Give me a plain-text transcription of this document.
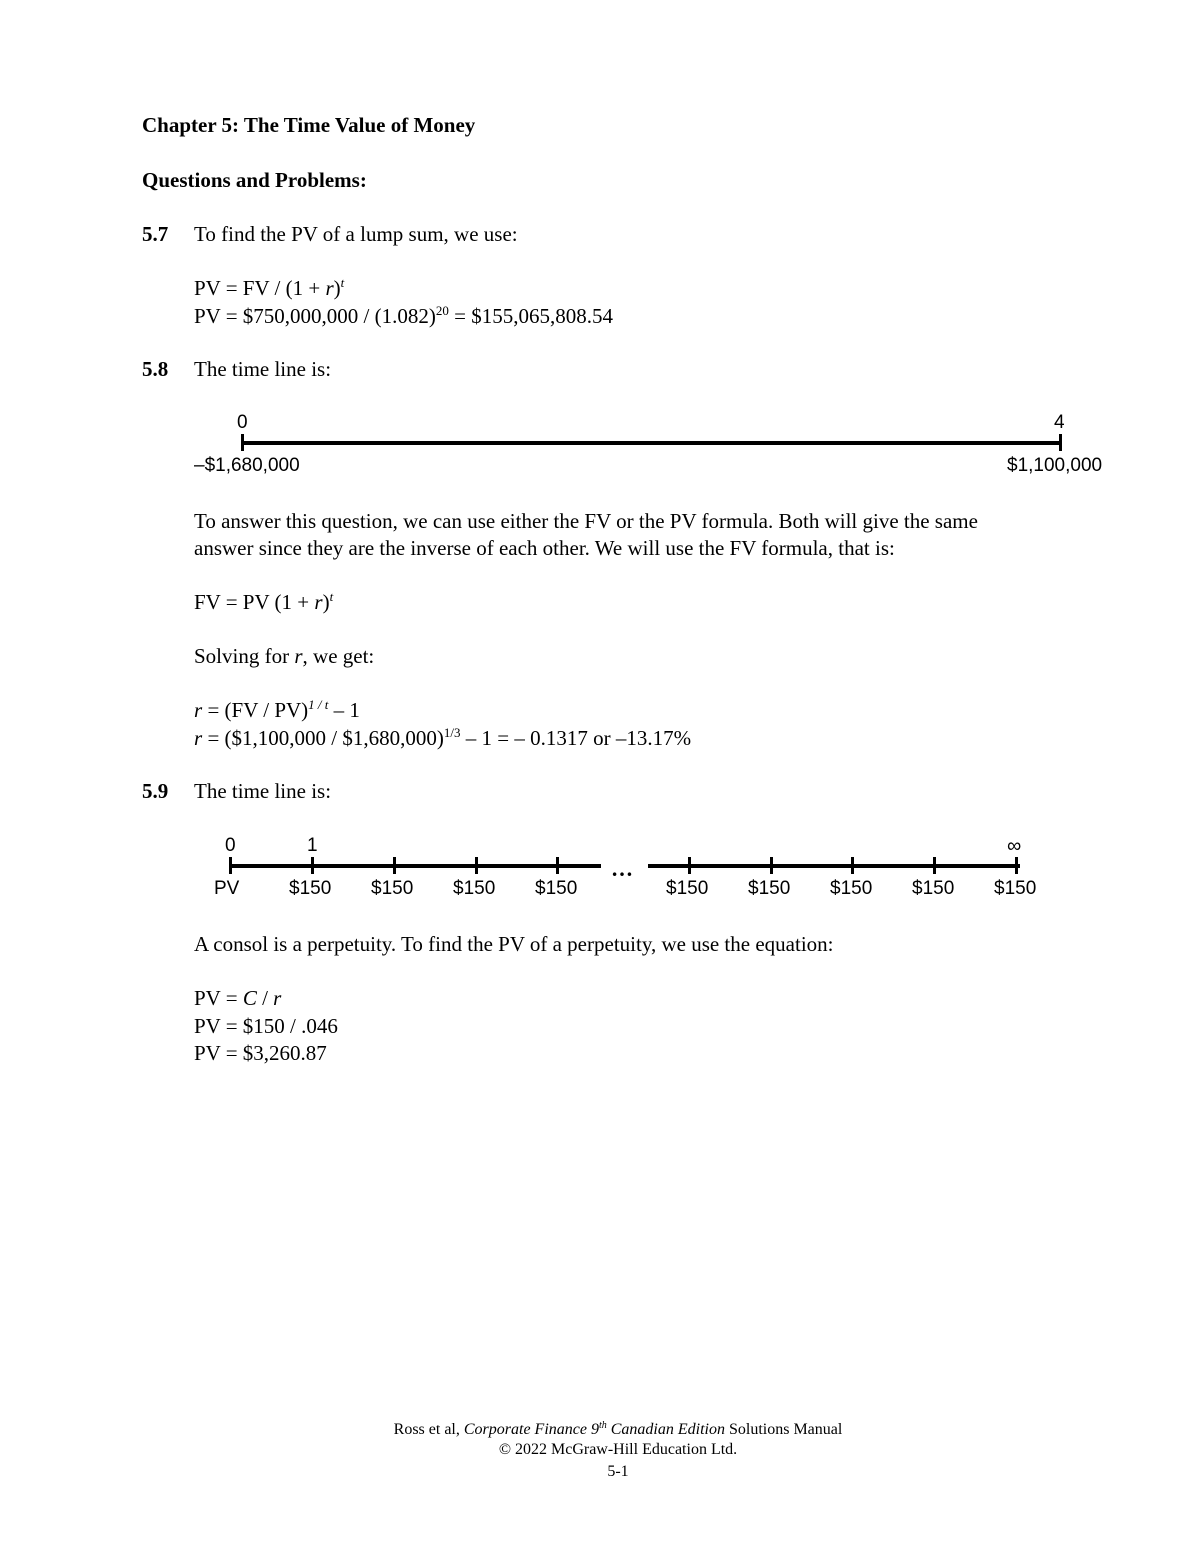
Chapter 5: The Time Value of Money
Questions and Problems:
5.7 To find the PV of a lump sum, we use:
PV = FV / $(1 + r)^t$
PV = $750,000,000 / $(1.082)^{20}$ = $155,065,808.54
5.8 The time line is:
0	4
–$1,680,000	$1,100,000
To answer this question, we can use either the FV or the PV formula. Both will give the same
answer since they are the inverse of each other. We will use the FV formula, that is:
FV = PV $(1 + r)^t$
Solving for r, we get:
r = (FV / PV)$^{1 / t}$ – 1
r = ($1,100,000 / $1,680,000)$^{1/3}$ – 1 = – 0.1317 or –13.17%
5.9 The time line is:
0	1	∞
…
PV	$150 $150 $150 $150	$150 $150 $150 $150 $150
A consol is a perpetuity. To find the PV of a perpetuity, we use the equation:
PV = C / r
PV = $150 / .046
PV = $3,260.87
Ross et al, Corporate Finance 9th Canadian Edition Solutions Manual
© 2022 McGraw-Hill Education Ltd.
5-1
